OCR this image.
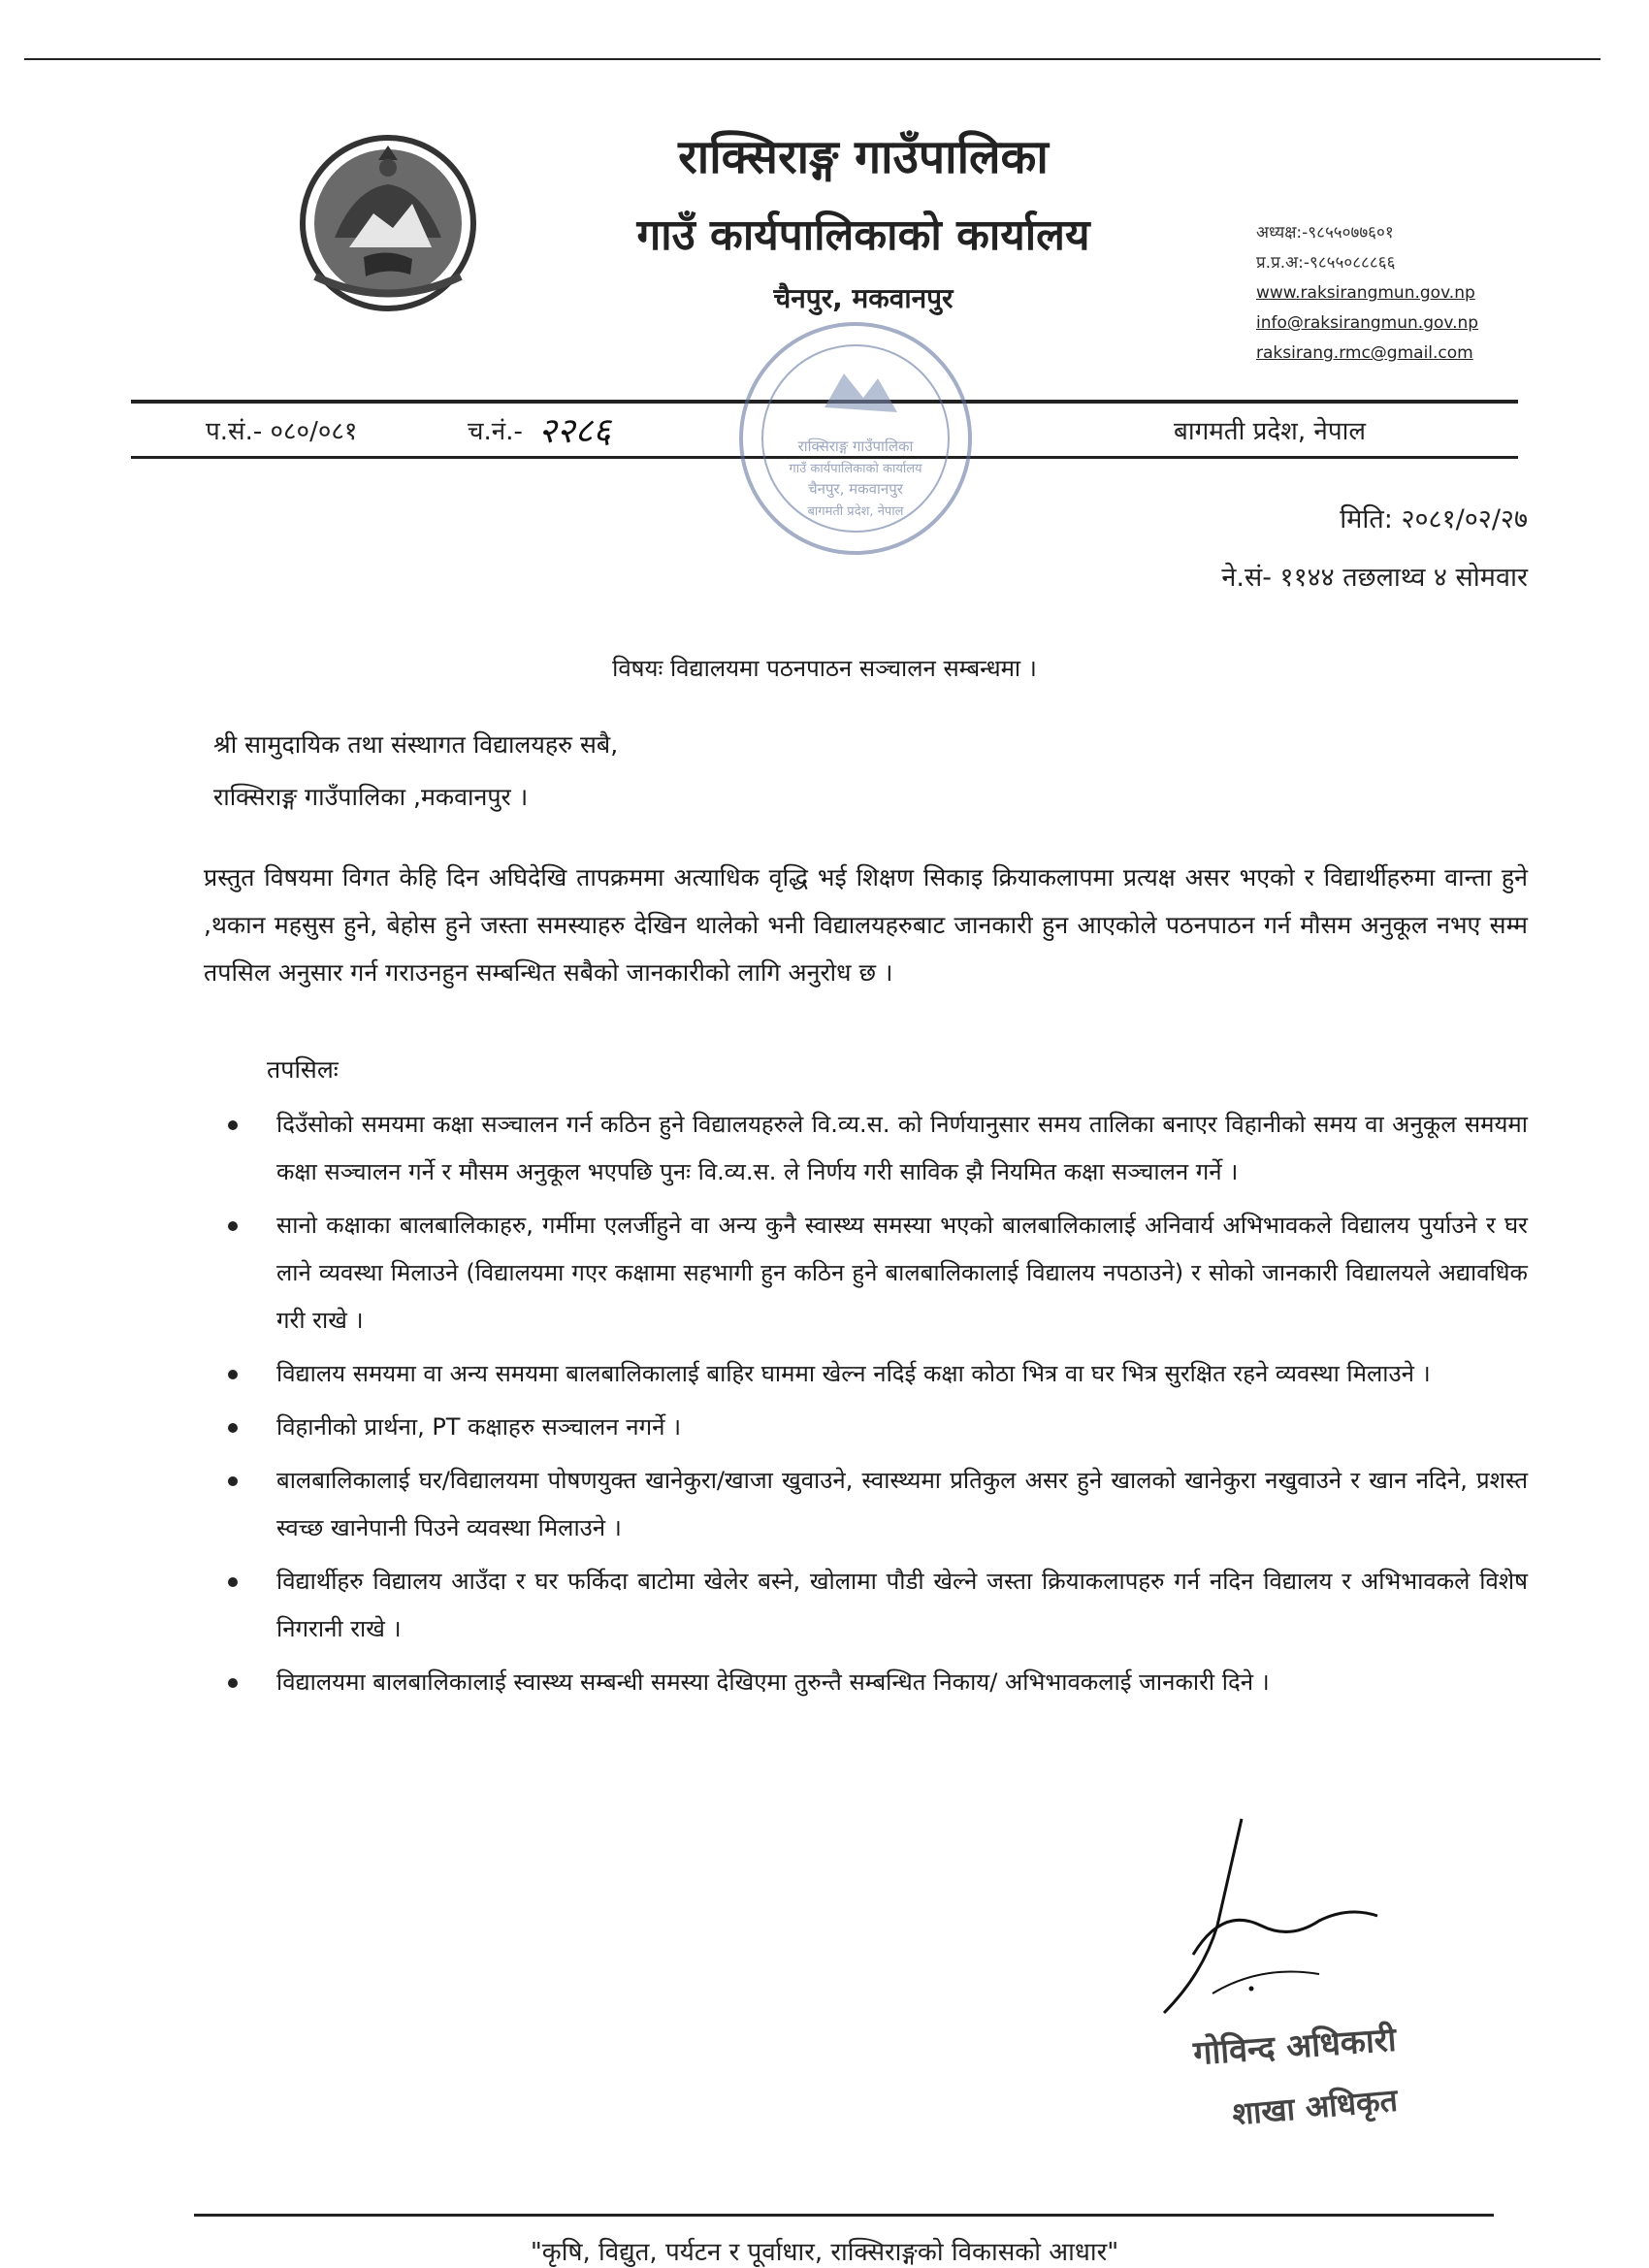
राक्सिराङ्ग गाउँपालिका
गाउँ कार्यपालिकाको कार्यालय
चैनपुर, मकवानपुर
अध्यक्ष:-९८५५०७७६०१
प्र.प्र.अ:-९८५५०८८८६६
www.raksirangmun.gov.np
info@raksirangmun.gov.np
raksirang.rmc@gmail.com
प.सं.- ०८०/०८१	च.नं.- २२८६	बागमती प्रदेश, नेपाल
राक्सिराङ्ग गाउँपालिका
गाउँ कार्यपालिकाको कार्यालय
चैनपुर, मकवानपुर
बागमती प्रदेश, नेपाल	मिति: २०८१/०२/२७
ने.सं- ११४४ तछलाथ्व ४ सोमवार
विषयः विद्यालयमा पठनपाठन सञ्चालन सम्बन्धमा ।
श्री सामुदायिक तथा संस्थागत विद्यालयहरु सबै,
राक्सिराङ्ग गाउँपालिका ,मकवानपुर ।
प्रस्तुत विषयमा विगत केहि दिन अघिदेखि तापक्रममा अत्याधिक वृद्धि भई शिक्षण सिकाइ क्रियाकलापमा प्रत्यक्ष असर भएको र विद्यार्थीहरुमा वान्ता हुने ,थकान महसुस हुने, बेहोस हुने जस्ता समस्याहरु देखिन थालेको भनी विद्यालयहरुबाट जानकारी हुन आएकोले पठनपाठन गर्न मौसम अनुकूल नभए सम्म तपसिल अनुसार गर्न गराउनहुन सम्बन्धित सबैको जानकारीको लागि अनुरोध छ ।
तपसिलः
दिउँसोको समयमा कक्षा सञ्चालन गर्न कठिन हुने विद्यालयहरुले वि.व्य.स. को निर्णयानुसार समय तालिका बनाएर विहानीको समय वा अनुकूल समयमा कक्षा सञ्चालन गर्ने र मौसम अनुकूल भएपछि पुनः वि.व्य.स. ले निर्णय गरी साविक झै नियमित कक्षा सञ्चालन गर्ने ।
सानो कक्षाका बालबालिकाहरु, गर्मीमा एलर्जीहुने वा अन्य कुनै स्वास्थ्य समस्या भएको बालबालिकालाई अनिवार्य अभिभावकले विद्यालय पुर्याउने र घर लाने व्यवस्था मिलाउने (विद्यालयमा गएर कक्षामा सहभागी हुन कठिन हुने बालबालिकालाई विद्यालय नपठाउने) र सोको जानकारी विद्यालयले अद्यावधिक गरी राखे ।
विद्यालय समयमा वा अन्य समयमा बालबालिकालाई बाहिर घाममा खेल्न नदिई कक्षा कोठा भित्र वा घर भित्र सुरक्षित रहने व्यवस्था मिलाउने ।
विहानीको प्रार्थना, PT कक्षाहरु सञ्चालन नगर्ने ।
बालबालिकालाई घर/विद्यालयमा पोषणयुक्त खानेकुरा/खाजा खुवाउने, स्वास्थ्यमा प्रतिकुल असर हुने खालको खानेकुरा नखुवाउने र खान नदिने, प्रशस्त स्वच्छ खानेपानी पिउने व्यवस्था मिलाउने ।
विद्यार्थीहरु विद्यालय आउँदा र घर फर्किदा बाटोमा खेलेर बस्ने, खोलामा पौडी खेल्ने जस्ता क्रियाकलापहरु गर्न नदिन विद्यालय र अभिभावकले विशेष निगरानी राखे ।
विद्यालयमा बालबालिकालाई स्वास्थ्य सम्बन्धी समस्या देखिएमा तुरुन्तै सम्बन्धित निकाय/ अभिभावकलाई जानकारी दिने ।
गोविन्द अधिकारी
शाखा अधिकृत
"कृषि, विद्युत, पर्यटन र पूर्वाधार, राक्सिराङ्गको विकासको आधार"
